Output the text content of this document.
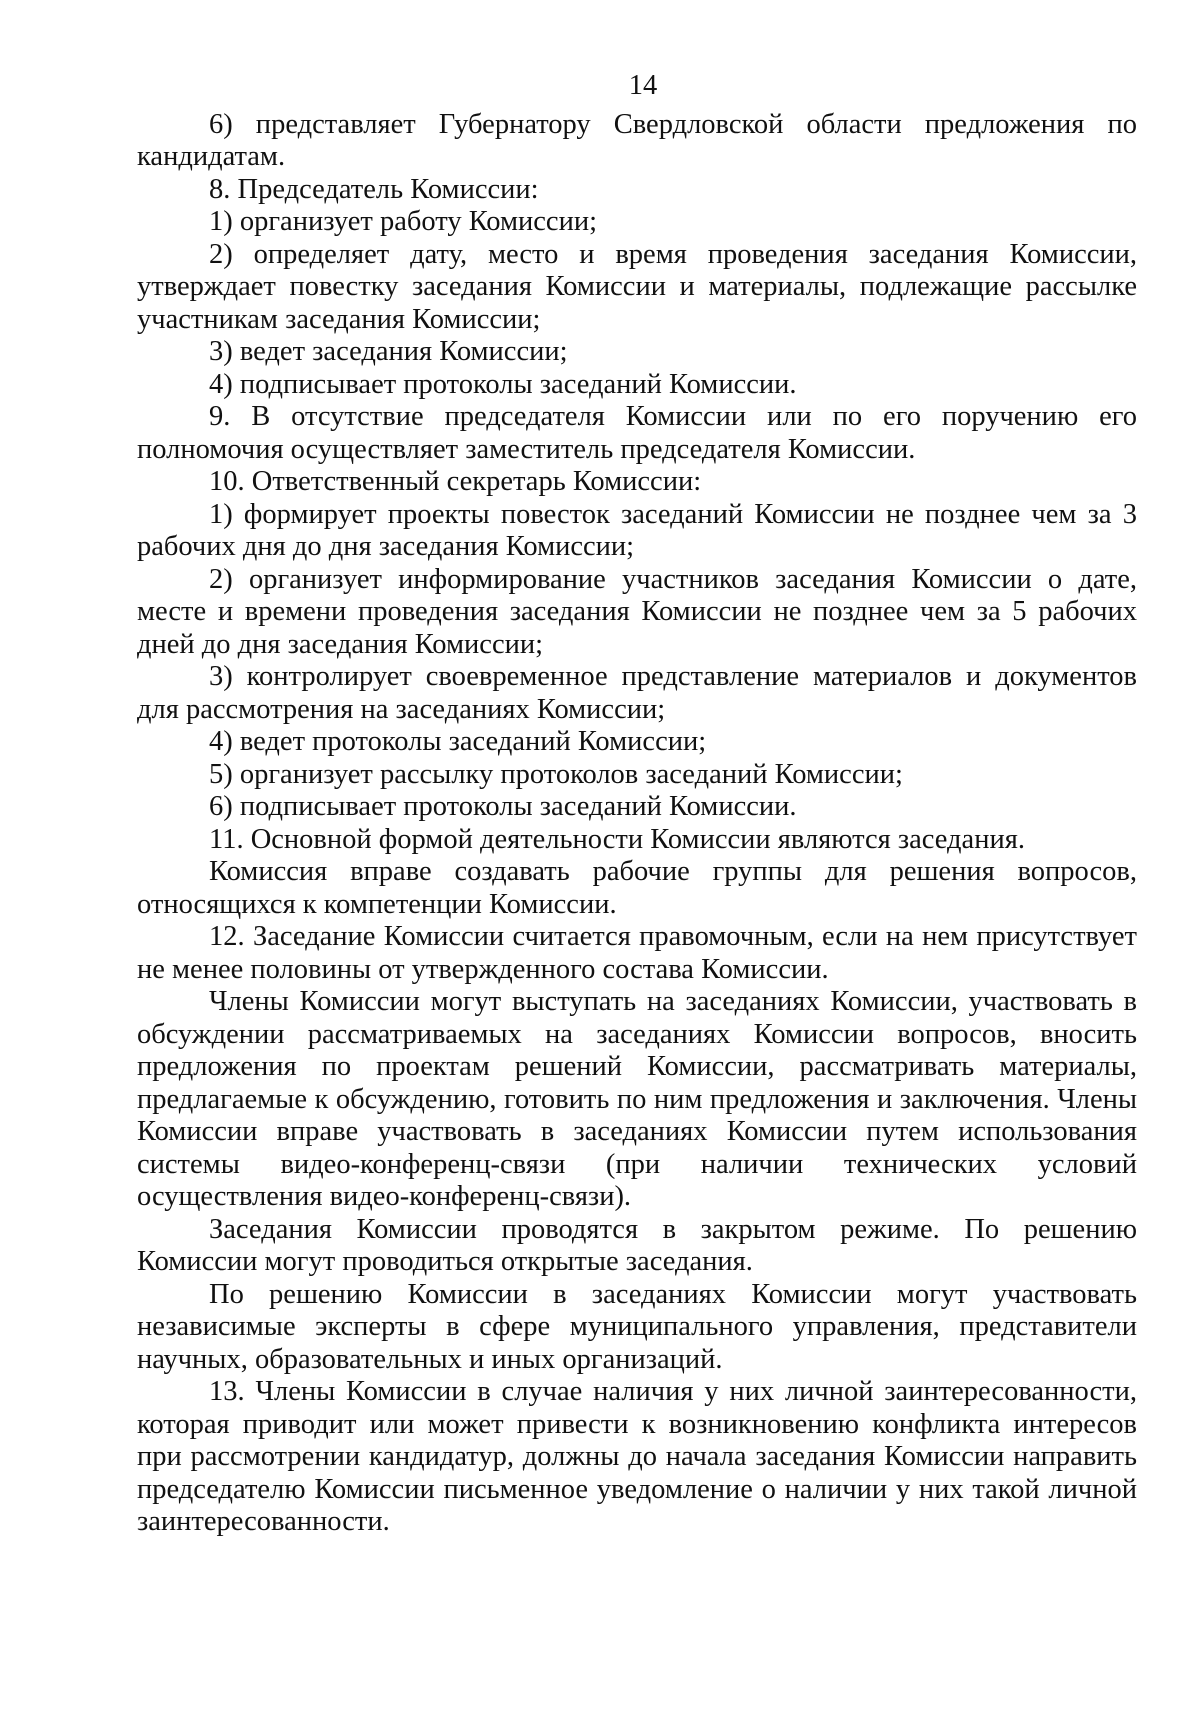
14

6) представляет Губернатору Свердловской области предложения по кандидатам.

8. Председатель Комиссии:

1) организует работу Комиссии;

2) определяет дату, место и время проведения заседания Комиссии, утверждает повестку заседания Комиссии и материалы, подлежащие рассылке участникам заседания Комиссии;

3) ведет заседания Комиссии;

4) подписывает протоколы заседаний Комиссии.

9. В отсутствие председателя Комиссии или по его поручению его полномочия осуществляет заместитель председателя Комиссии.

10. Ответственный секретарь Комиссии:

1) формирует проекты повесток заседаний Комиссии не позднее чем за 3 рабочих дня до дня заседания Комиссии;

2) организует информирование участников заседания Комиссии о дате, месте и времени проведения заседания Комиссии не позднее чем за 5 рабочих дней до дня заседания Комиссии;

3) контролирует своевременное представление материалов и документов для рассмотрения на заседаниях Комиссии;

4) ведет протоколы заседаний Комиссии;

5) организует рассылку протоколов заседаний Комиссии;

6) подписывает протоколы заседаний Комиссии.

11. Основной формой деятельности Комиссии являются заседания.

Комиссия вправе создавать рабочие группы для решения вопросов, относящихся к компетенции Комиссии.

12. Заседание Комиссии считается правомочным, если на нем присутствует не менее половины от утвержденного состава Комиссии.

Члены Комиссии могут выступать на заседаниях Комиссии, участвовать в обсуждении рассматриваемых на заседаниях Комиссии вопросов, вносить предложения по проектам решений Комиссии, рассматривать материалы, предлагаемые к обсуждению, готовить по ним предложения и заключения. Члены Комиссии вправе участвовать в заседаниях Комиссии путем использования системы видео-конференц-связи (при наличии технических условий осуществления видео-конференц-связи).

Заседания Комиссии проводятся в закрытом режиме. По решению Комиссии могут проводиться открытые заседания.

По решению Комиссии в заседаниях Комиссии могут участвовать независимые эксперты в сфере муниципального управления, представители научных, образовательных и иных организаций.

13. Члены Комиссии в случае наличия у них личной заинтересованности, которая приводит или может привести к возникновению конфликта интересов при рассмотрении кандидатур, должны до начала заседания Комиссии направить председателю Комиссии письменное уведомление о наличии у них такой личной заинтересованности.
